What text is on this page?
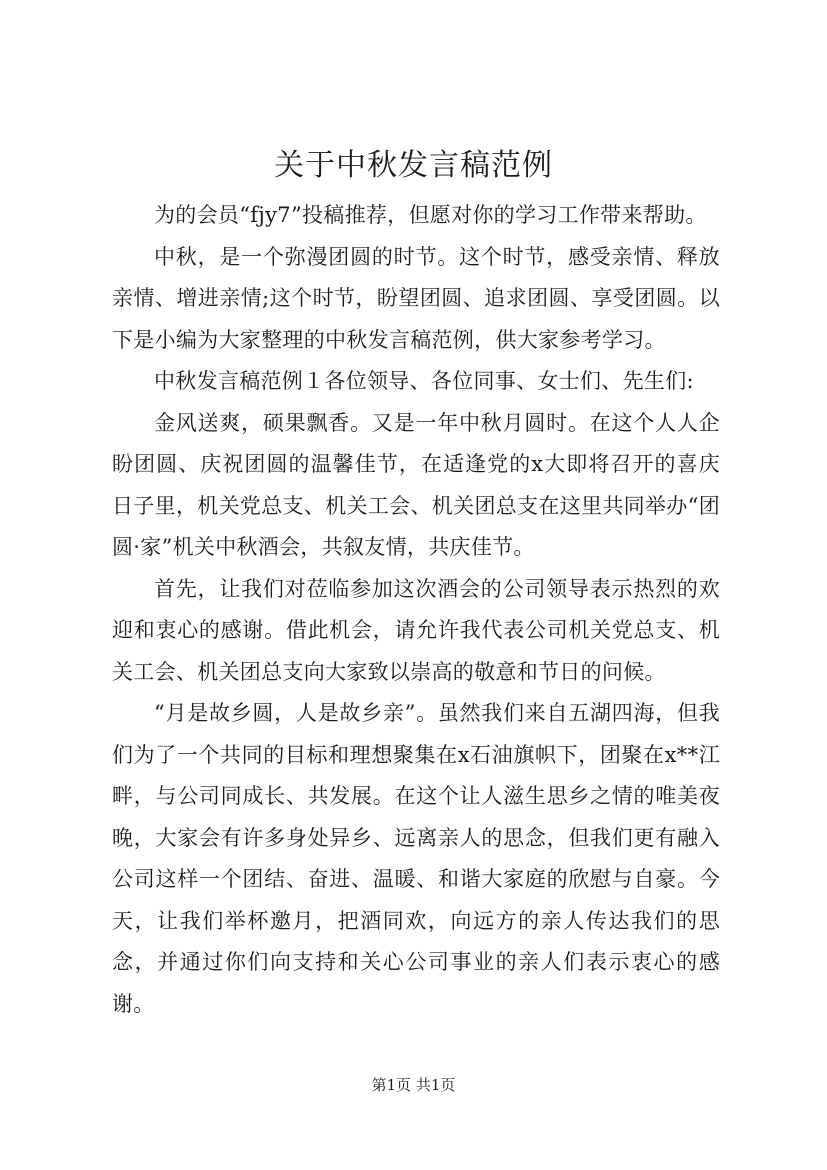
关于中秋发言稿范例

为的会员“fjy7”投稿推荐，但愿对你的学习工作带来帮助。

中秋，是一个弥漫团圆的时节。这个时节，感受亲情、释放亲情、增进亲情;这个时节，盼望团圆、追求团圆、享受团圆。以下是小编为大家整理的中秋发言稿范例，供大家参考学习。

中秋发言稿范例１各位领导、各位同事、女士们、先生们:

金风送爽，硕果飘香。又是一年中秋月圆时。在这个人人企盼团圆、庆祝团圆的温馨佳节，在适逢党的x大即将召开的喜庆日子里，机关党总支、机关工会、机关团总支在这里共同举办“团圆·家”机关中秋酒会，共叙友情，共庆佳节。

首先，让我们对莅临参加这次酒会的公司领导表示热烈的欢迎和衷心的感谢。借此机会，请允许我代表公司机关党总支、机关工会、机关团总支向大家致以崇高的敬意和节日的问候。

“月是故乡圆，人是故乡亲”。虽然我们来自五湖四海，但我们为了一个共同的目标和理想聚集在x石油旗帜下，团聚在x**江畔，与公司同成长、共发展。在这个让人滋生思乡之情的唯美夜晚，大家会有许多身处异乡、远离亲人的思念，但我们更有融入公司这样一个团结、奋进、温暖、和谐大家庭的欣慰与自豪。今天，让我们举杯邀月，把酒同欢，向远方的亲人传达我们的思念，并通过你们向支持和关心公司事业的亲人们表示衷心的感谢。

第1页 共1页
